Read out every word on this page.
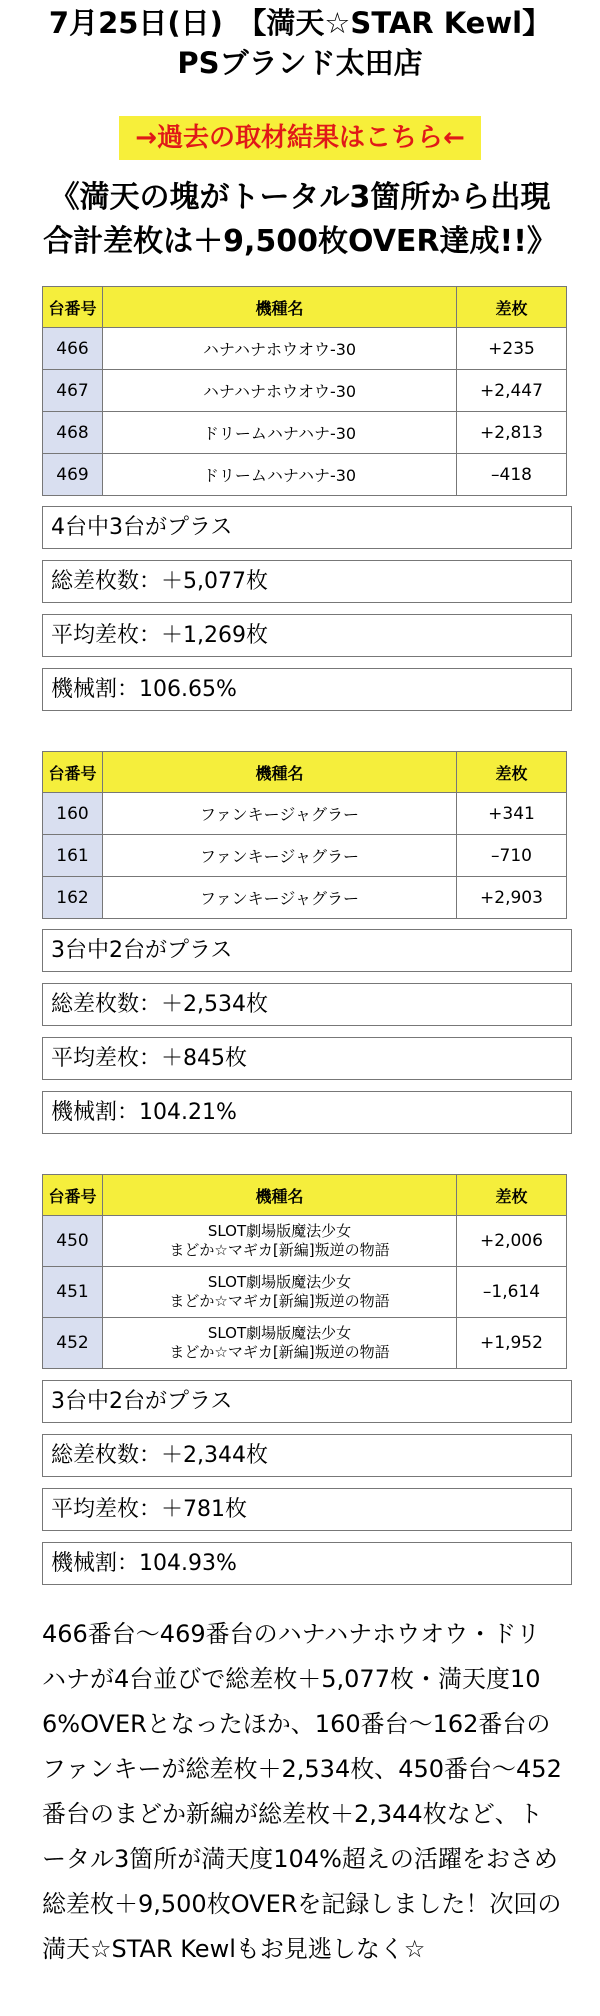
7月25日(日)　【満天☆STAR Kewl】
PSブランド太田店
→過去の取材結果はこちら←
《満天の塊がトータル3箇所から出現
合計差枚は＋9,500枚OVER達成!!》
台番号	機種名	差枚
466	ハナハナホウオウ-30	+235
467	ハナハナホウオウ-30	+2,447
468	ドリームハナハナ-30	+2,813
469	ドリームハナハナ-30	–418
4台中3台がプラス
総差枚数：＋5,077枚
平均差枚：＋1,269枚
機械割：106.65%
台番号	機種名	差枚
160	ファンキージャグラー	+341
161	ファンキージャグラー	–710
162	ファンキージャグラー	+2,903
3台中2台がプラス
総差枚数：＋2,534枚
平均差枚：＋845枚
機械割：104.21%
台番号	機種名	差枚
450	SLOT劇場版魔法少女
まどか☆マギカ[新編]叛逆の物語	+2,006
451	SLOT劇場版魔法少女
まどか☆マギカ[新編]叛逆の物語	–1,614
452	SLOT劇場版魔法少女
まどか☆マギカ[新編]叛逆の物語	+1,952
3台中2台がプラス
総差枚数：＋2,344枚
平均差枚：＋781枚
機械割：104.93%
466番台〜469番台のハナハナホウオウ・ドリハナが4台並びで総差枚＋5,077枚・満天度106%OVERとなったほか、160番台〜162番台のファンキーが総差枚＋2,534枚、450番台〜452番台のまどか新編が総差枚＋2,344枚など、トータル3箇所が満天度104%超えの活躍をおさめ総差枚＋9,500枚OVERを記録しました！次回の満天☆STAR Kewlもお見逃しなく☆
